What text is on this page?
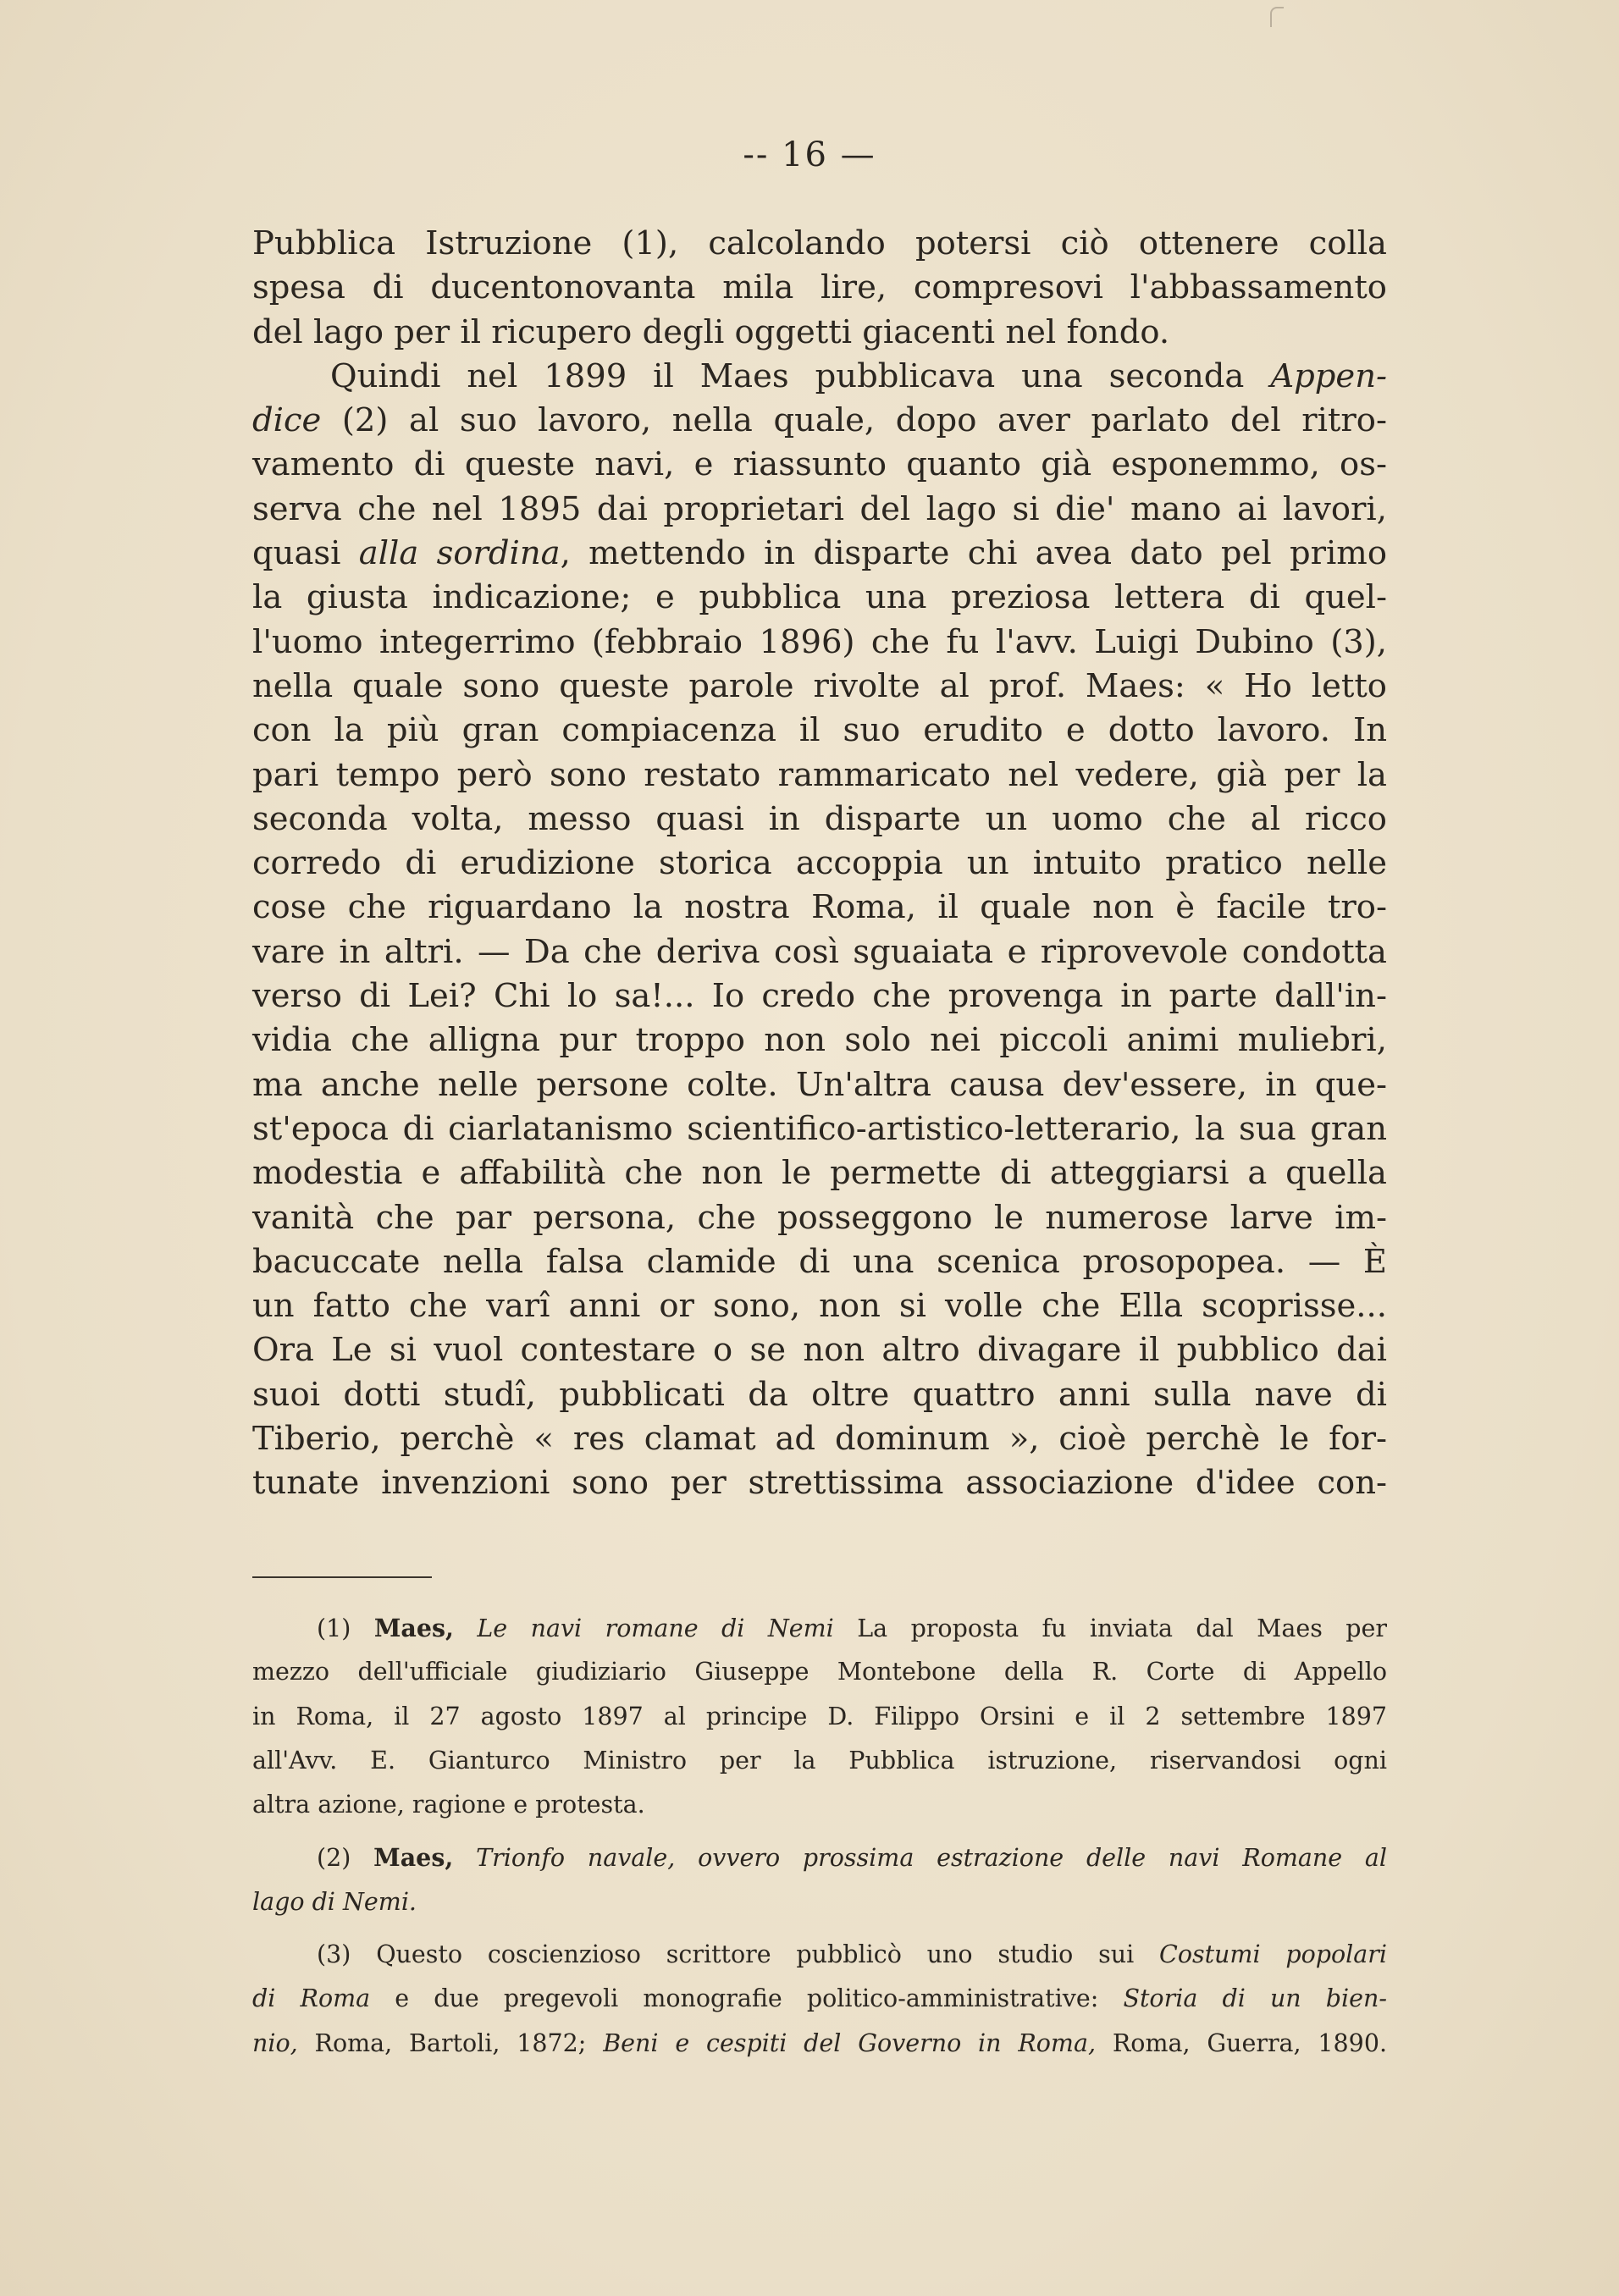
-- 16 —
Pubblica Istruzione (1), calcolando potersi ciò ottenere colla
spesa di ducentonovanta mila lire, compresovi l'abbassamento
del lago per il ricupero degli oggetti giacenti nel fondo.
Quindi nel 1899 il Maes pubblicava una seconda Appen-
dice (2) al suo lavoro, nella quale, dopo aver parlato del ritro-
vamento di queste navi, e riassunto quanto già esponemmo, os-
serva che nel 1895 dai proprietari del lago si die' mano ai lavori,
quasi alla sordina, mettendo in disparte chi avea dato pel primo
la giusta indicazione; e pubblica una preziosa lettera di quel-
l'uomo integerrimo (febbraio 1896) che fu l'avv. Luigi Dubino (3),
nella quale sono queste parole rivolte al prof. Maes: « Ho letto
con la più gran compiacenza il suo erudito e dotto lavoro. In
pari tempo però sono restato rammaricato nel vedere, già per la
seconda volta, messo quasi in disparte un uomo che al ricco
corredo di erudizione storica accoppia un intuito pratico nelle
cose che riguardano la nostra Roma, il quale non è facile tro-
vare in altri. — Da che deriva così sguaiata e riprovevole condotta
verso di Lei? Chi lo sa!... Io credo che provenga in parte dall'in-
vidia che alligna pur troppo non solo nei piccoli animi muliebri,
ma anche nelle persone colte. Un'altra causa dev'essere, in que-
st'epoca di ciarlatanismo scientifico-artistico-letterario, la sua gran
modestia e affabilità che non le permette di atteggiarsi a quella
vanità che par persona, che posseggono le numerose larve im-
bacuccate nella falsa clamide di una scenica prosopopea. — È
un fatto che varî anni or sono, non si volle che Ella scoprisse...
Ora Le si vuol contestare o se non altro divagare il pubblico dai
suoi dotti studî, pubblicati da oltre quattro anni sulla nave di
Tiberio, perchè « res clamat ad dominum », cioè perchè le for-
tunate invenzioni sono per strettissima associazione d'idee con-
(1) Maes, Le navi romane di Nemi La proposta fu inviata dal Maes per
mezzo dell'ufficiale giudiziario Giuseppe Montebone della R. Corte di Appello
in Roma, il 27 agosto 1897 al principe D. Filippo Orsini e il 2 settembre 1897
all'Avv. E. Gianturco Ministro per la Pubblica istruzione, riservandosi ogni
altra azione, ragione e protesta.
(2) Maes, Trionfo navale, ovvero prossima estrazione delle navi Romane al
lago di Nemi.
(3) Questo coscienzioso scrittore pubblicò uno studio sui Costumi popolari
di Roma e due pregevoli monografie politico-amministrative: Storia di un bien-
nio, Roma, Bartoli, 1872; Beni e cespiti del Governo in Roma, Roma, Guerra, 1890.
